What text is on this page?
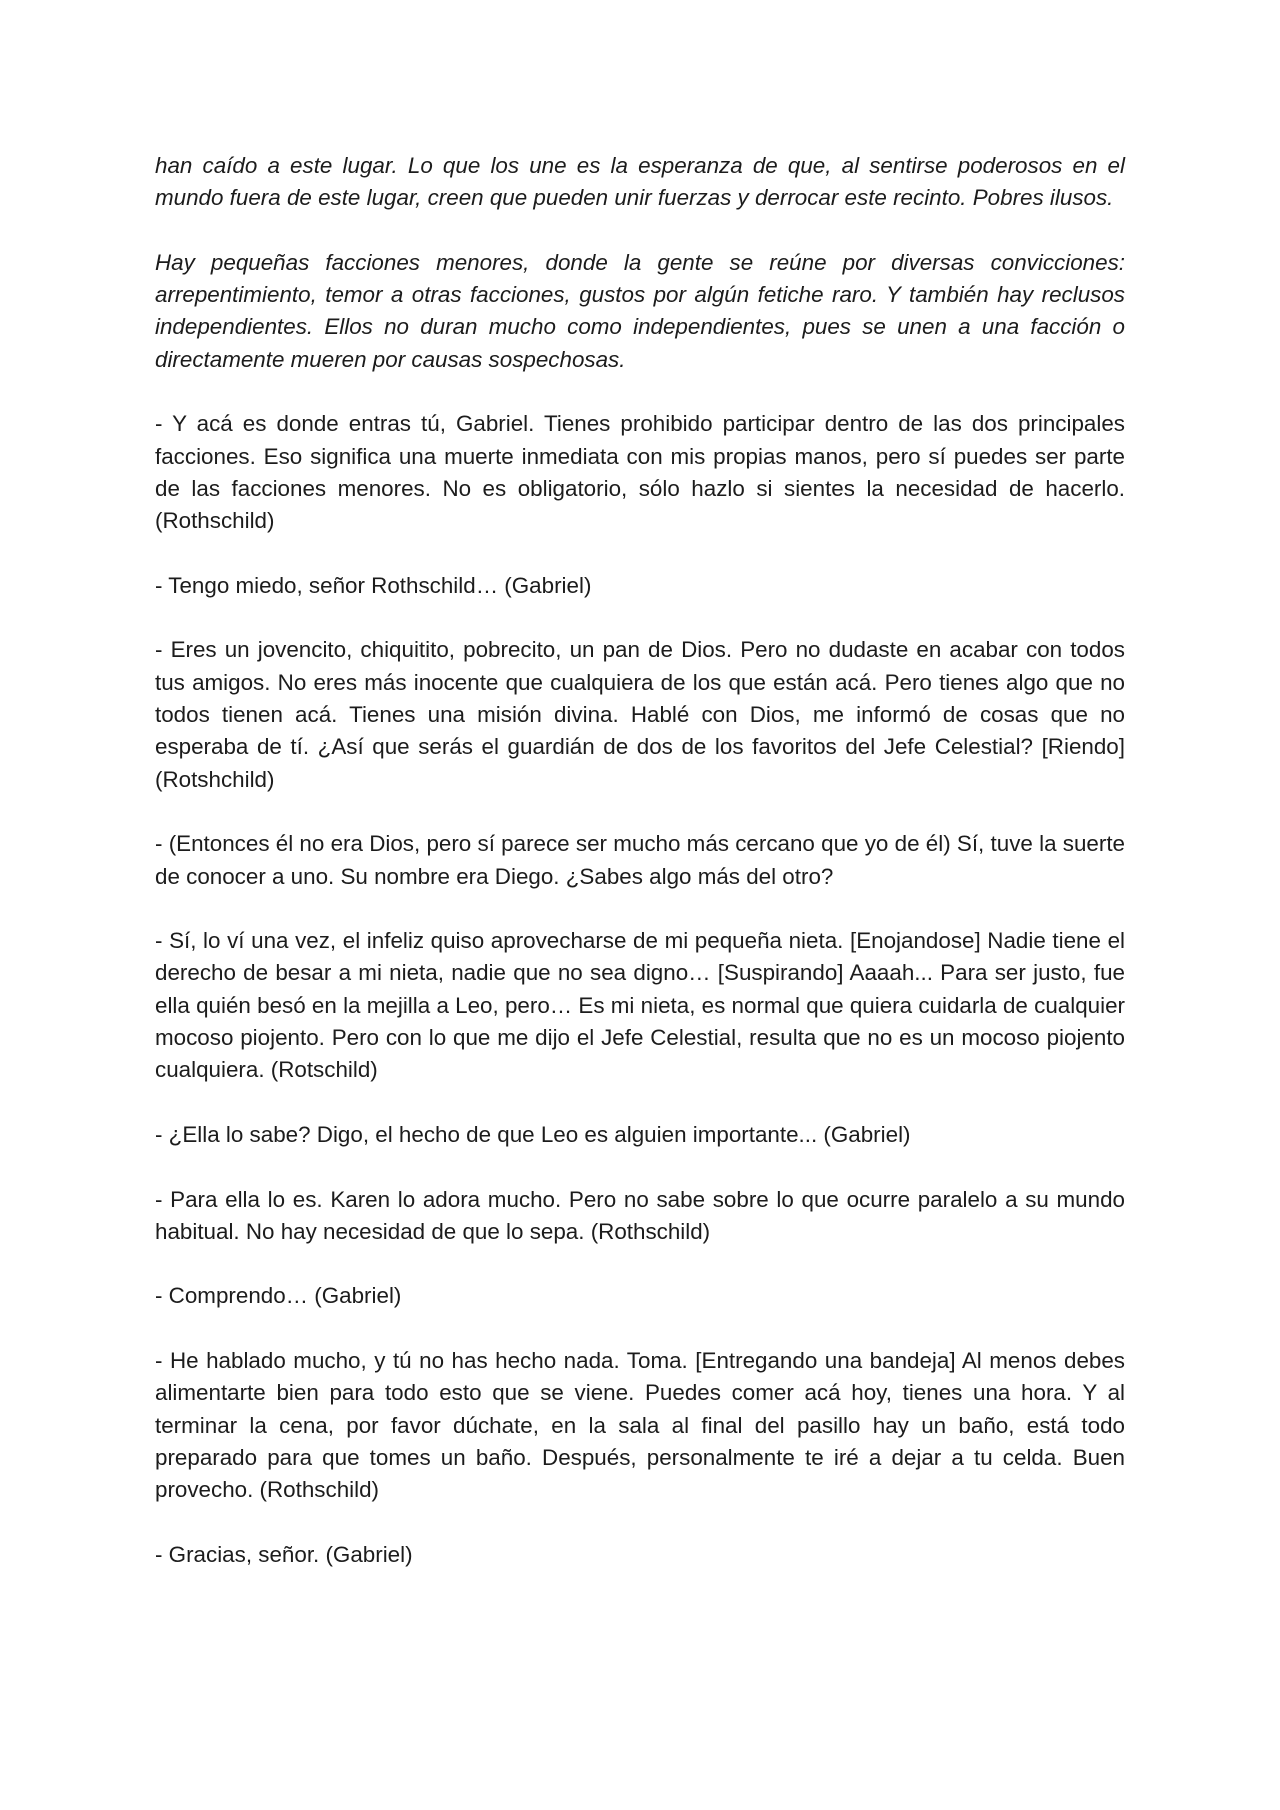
han caído a este lugar. Lo que los une es la esperanza de que, al sentirse poderosos en el mundo fuera de este lugar, creen que pueden unir fuerzas y derrocar este recinto. Pobres ilusos.

Hay pequeñas facciones menores, donde la gente se reúne por diversas convicciones: arrepentimiento, temor a otras facciones, gustos por algún fetiche raro. Y también hay reclusos independientes. Ellos no duran mucho como independientes, pues se unen a una facción o directamente mueren por causas sospechosas.

- Y acá es donde entras tú, Gabriel. Tienes prohibido participar dentro de las dos principales facciones. Eso significa una muerte inmediata con mis propias manos, pero sí puedes ser parte de las facciones menores. No es obligatorio, sólo hazlo si sientes la necesidad de hacerlo. (Rothschild)

- Tengo miedo, señor Rothschild… (Gabriel)

- Eres un jovencito, chiquitito, pobrecito, un pan de Dios. Pero no dudaste en acabar con todos tus amigos. No eres más inocente que cualquiera de los que están acá. Pero tienes algo que no todos tienen acá. Tienes una misión divina. Hablé con Dios, me informó de cosas que no esperaba de tí. ¿Así que serás el guardián de dos de los favoritos del Jefe Celestial? [Riendo] (Rotshchild)

- (Entonces él no era Dios, pero sí parece ser mucho más cercano que yo de él) Sí, tuve la suerte de conocer a uno. Su nombre era Diego. ¿Sabes algo más del otro?

- Sí, lo ví una vez, el infeliz quiso aprovecharse de mi pequeña nieta. [Enojandose] Nadie tiene el derecho de besar a mi nieta, nadie que no sea digno… [Suspirando] Aaaah... Para ser justo, fue ella quién besó en la mejilla a Leo, pero… Es mi nieta, es normal que quiera cuidarla de cualquier mocoso piojento. Pero con lo que me dijo el Jefe Celestial, resulta que no es un mocoso piojento cualquiera. (Rotschild)

- ¿Ella lo sabe? Digo, el hecho de que Leo es alguien importante... (Gabriel)

- Para ella lo es. Karen lo adora mucho. Pero no sabe sobre lo que ocurre paralelo a su mundo habitual. No hay necesidad de que lo sepa. (Rothschild)

- Comprendo… (Gabriel)

- He hablado mucho, y tú no has hecho nada. Toma. [Entregando una bandeja] Al menos debes alimentarte bien para todo esto que se viene. Puedes comer acá hoy, tienes una hora. Y al terminar la cena, por favor dúchate, en la sala al final del pasillo hay un baño, está todo preparado para que tomes un baño. Después, personalmente te iré a dejar a tu celda. Buen provecho. (Rothschild)

- Gracias, señor. (Gabriel)
